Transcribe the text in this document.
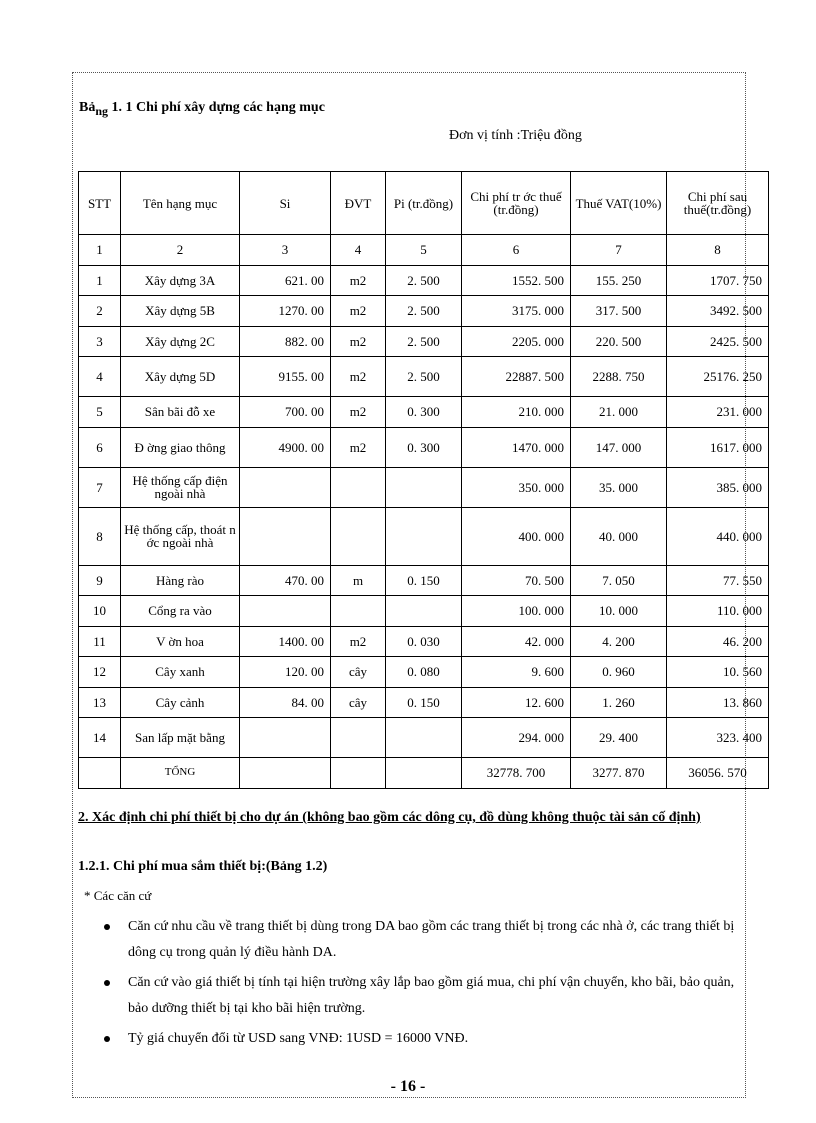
Bảng 1. 1 Chi phí xây dựng các hạng mục
Đơn vị tính :Triệu đồng
STT	Tên hạng mục	Si	ĐVT	Pi (tr.đồng)	Chi phí tr ớc thuế (tr.đồng)	Thuế VAT(10%)	Chi phí sau thuế(tr.đồng)
1	2	3	4	5	6	7	8
1	Xây dựng 3A	621. 00	m2	2. 500	1552. 500	155. 250	1707. 750
2	Xây dựng 5B	1270. 00	m2	2. 500	3175. 000	317. 500	3492. 500
3	Xây dựng 2C	882. 00	m2	2. 500	2205. 000	220. 500	2425. 500
4	Xây dựng 5D	9155. 00	m2	2. 500	22887. 500	2288. 750	25176. 250
5	Sân bãi đỗ xe	700. 00	m2	0. 300	210. 000	21. 000	231. 000
6	Đ ờng giao thông	4900. 00	m2	0. 300	1470. 000	147. 000	1617. 000
7	Hệ thống cấp điện ngoài nhà				350. 000	35. 000	385. 000
8	Hệ thống cấp, thoát n ớc ngoài nhà				400. 000	40. 000	440. 000
9	Hàng rào	470. 00	m	0. 150	70. 500	7. 050	77. 550
10	Cổng ra vào				100. 000	10. 000	110. 000
11	V ờn hoa	1400. 00	m2	0. 030	42. 000	4. 200	46. 200
12	Cây xanh	120. 00	cây	0. 080	9. 600	0. 960	10. 560
13	Cây cảnh	84. 00	cây	0. 150	12. 600	1. 260	13. 860
14	San lấp mặt bằng				294. 000	29. 400	323. 400
	TỔNG				32778. 700	3277. 870	36056. 570
2. Xác định chi phí thiết bị cho dự án (không bao gồm các dông cụ, đồ dùng không thuộc tài sản cố định)
1.2.1. Chi phí mua sắm thiết bị:(Bảng 1.2)
* Các căn cứ
Căn cứ nhu cầu về trang thiết bị dùng trong DA bao gồm các trang thiết bị trong các nhà ở, các trang thiết bị dông cụ trong quản lý điều hành DA.
Căn cứ vào giá thiết bị tính tại hiện trường xây lắp bao gồm giá mua, chi phí vận chuyển, kho bãi, bảo quản, bảo dưỡng thiết bị tại kho bãi hiện trường.
Tỷ giá chuyển đổi từ USD sang VNĐ: 1USD = 16000 VNĐ.
- 16 -
